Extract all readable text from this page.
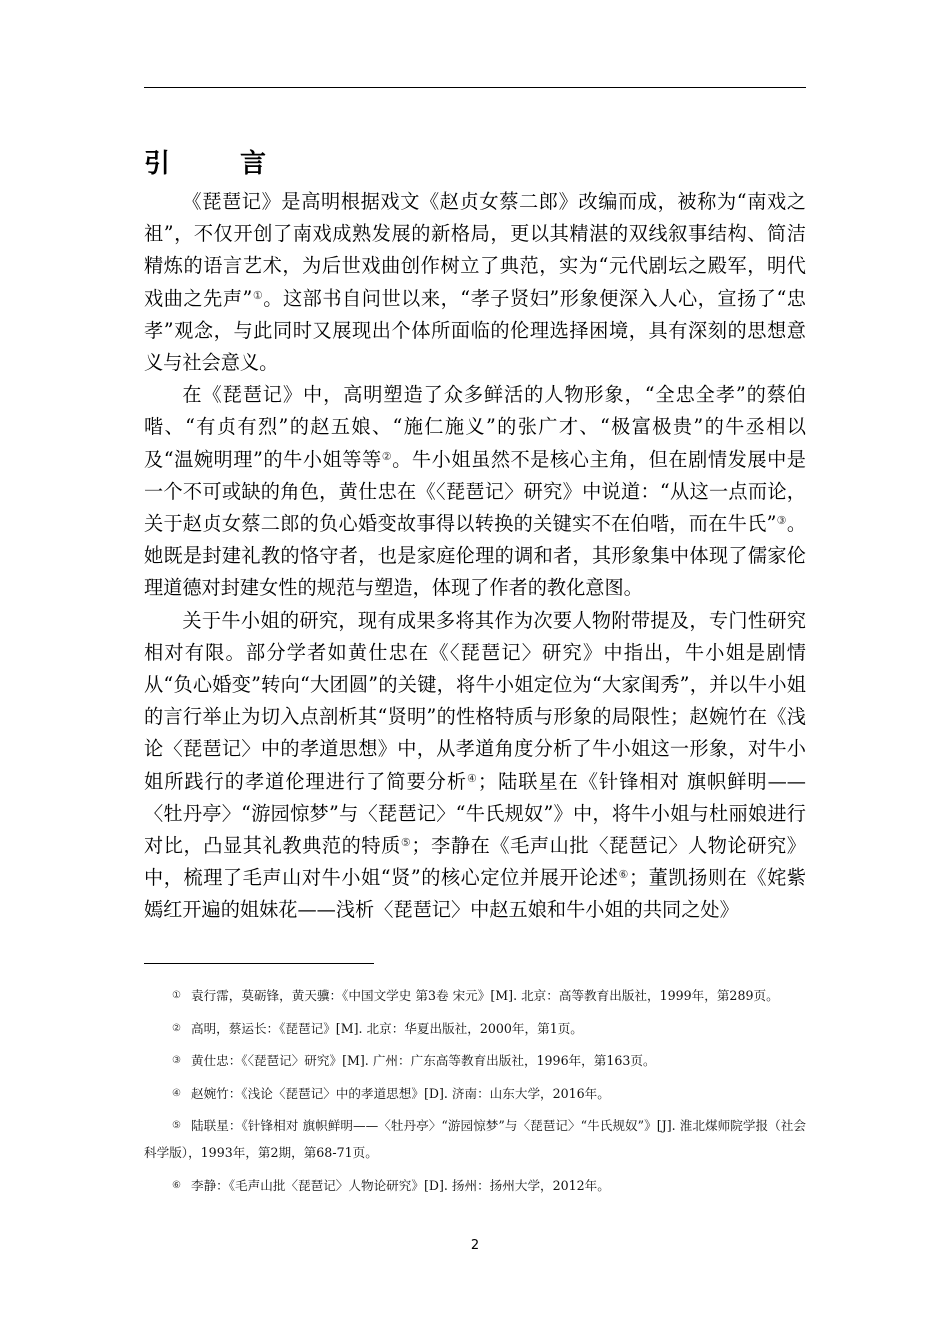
引　言

《琵琶记》是高明根据戏文《赵贞女蔡二郎》改编而成，被称为“南戏之祖”，不仅开创了南戏成熟发展的新格局，更以其精湛的双线叙事结构、简洁精炼的语言艺术，为后世戏曲创作树立了典范，实为“元代剧坛之殿军，明代戏曲之先声”①。这部书自问世以来，“孝子贤妇”形象便深入人心，宣扬了“忠孝”观念，与此同时又展现出个体所面临的伦理选择困境，具有深刻的思想意义与社会意义。

在《琵琶记》中，高明塑造了众多鲜活的人物形象，“全忠全孝”的蔡伯喈、“有贞有烈”的赵五娘、“施仁施义”的张广才、“极富极贵”的牛丞相以及“温婉明理”的牛小姐等等②。牛小姐虽然不是核心主角，但在剧情发展中是一个不可或缺的角色，黄仕忠在《〈琵琶记〉研究》中说道：“从这一点而论，关于赵贞女蔡二郎的负心婚变故事得以转换的关键实不在伯喈，而在牛氏”③。她既是封建礼教的恪守者，也是家庭伦理的调和者，其形象集中体现了儒家伦理道德对封建女性的规范与塑造，体现了作者的教化意图。

关于牛小姐的研究，现有成果多将其作为次要人物附带提及，专门性研究相对有限。部分学者如黄仕忠在《〈琵琶记〉研究》中指出，牛小姐是剧情从“负心婚变”转向“大团圆”的关键，将牛小姐定位为“大家闺秀”，并以牛小姐的言行举止为切入点剖析其“贤明”的性格特质与形象的局限性；赵婉竹在《浅论〈琵琶记〉中的孝道思想》中，从孝道角度分析了牛小姐这一形象，对牛小姐所践行的孝道伦理进行了简要分析④；陆联星在《针锋相对 旗帜鲜明——〈牡丹亭〉“游园惊梦”与〈琵琶记〉“牛氏规奴”》中，将牛小姐与杜丽娘进行对比，凸显其礼教典范的特质⑤；李静在《毛声山批〈琵琶记〉人物论研究》中，梳理了毛声山对牛小姐“贤”的核心定位并展开论述⑥；董凯扬则在《姹紫嫣红开遍的姐妹花——浅析〈琵琶记〉中赵五娘和牛小姐的共同之处》

① 袁行霈，莫砺锋，黄天骥：《中国文学史 第3卷 宋元》[M]. 北京：高等教育出版社，1999年，第289页。

② 高明，蔡运长：《琵琶记》[M]. 北京：华夏出版社，2000年，第1页。

③ 黄仕忠：《〈琵琶记〉研究》[M]. 广州：广东高等教育出版社，1996年，第163页。

④ 赵婉竹：《浅论〈琵琶记〉中的孝道思想》[D]. 济南：山东大学，2016年。

⑤ 陆联星：《针锋相对 旗帜鲜明——〈牡丹亭〉“游园惊梦”与〈琵琶记〉“牛氏规奴”》[J]. 淮北煤师院学报（社会科学版），1993年，第2期，第68-71页。

⑥ 李静：《毛声山批〈琵琶记〉人物论研究》[D]. 扬州：扬州大学，2012年。

2
